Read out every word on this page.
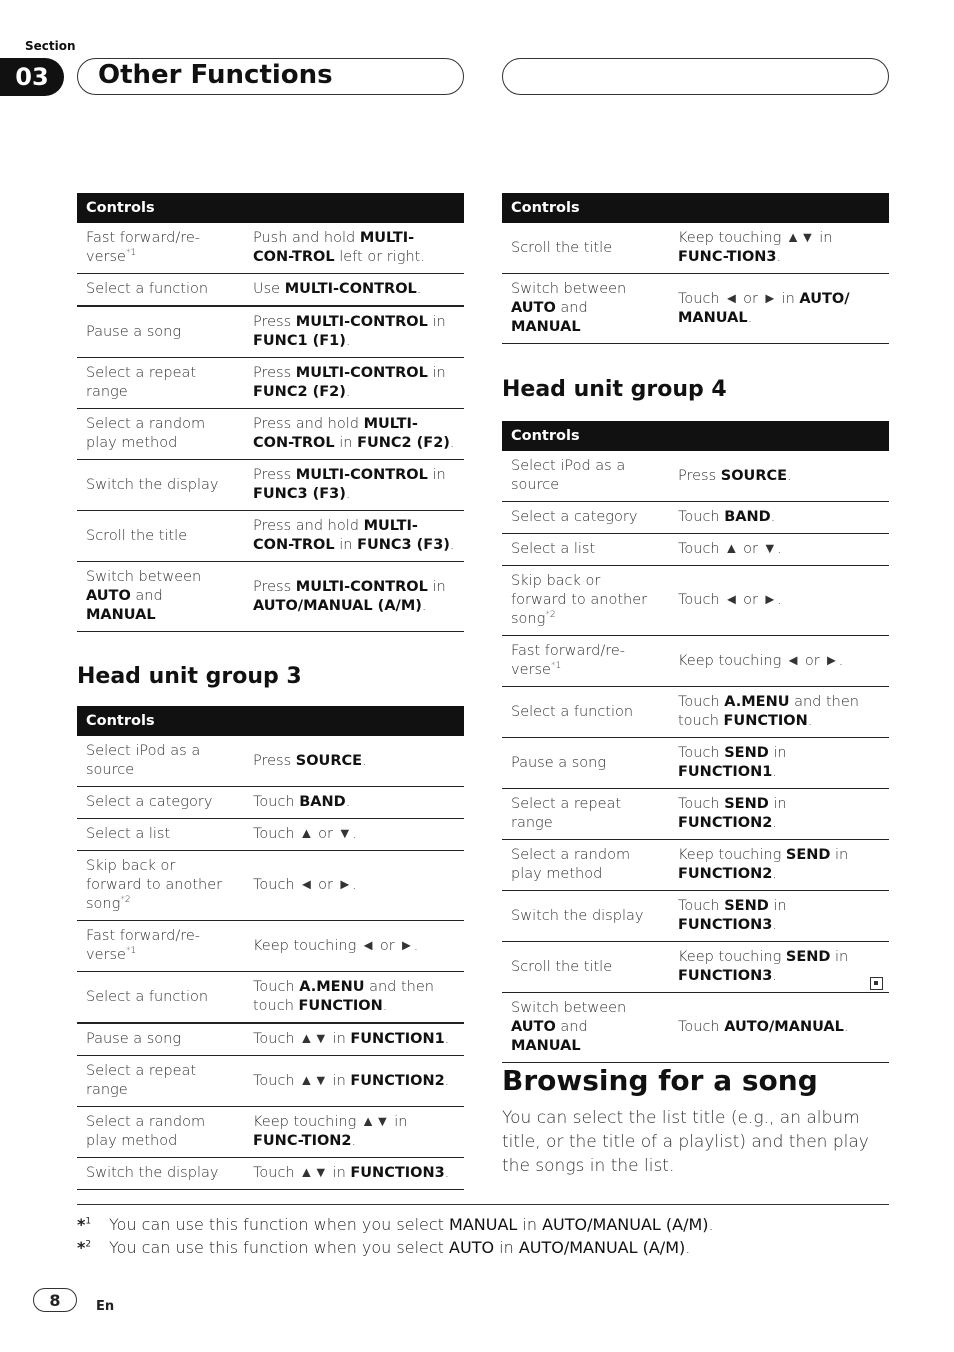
Section
03	Other Functions
Controls	
Fast forward/re-verse$^{*1}$	Push and hold MULTI-CON-TROL left or right.
Select a function	Use MULTI-CONTROL.
Pause a song	Press MULTI-CONTROL in FUNC1 (F1).
Select a repeat range	Press MULTI-CONTROL in FUNC2 (F2).
Select a random play method	Press and hold MULTI-CON-TROL in FUNC2 (F2).
Switch the display	Press MULTI-CONTROL in FUNC3 (F3).
Scroll the title	Press and hold MULTI-CON-TROL in FUNC3 (F3).
Switch between AUTO and MANUAL	Press MULTI-CONTROL in AUTO/MANUAL (A/M).
Head unit group 3
Controls	
Select iPod as a source	Press SOURCE.
Select a category	Touch BAND.
Select a list	Touch ▲ or ▼.
Skip back or forward to another song$^{*2}$	Touch ◄ or ►.
Fast forward/re-verse$^{*1}$	Keep touching ◄ or ►.
Select a function	Touch A.MENU and then touch FUNCTION.
Pause a song	Touch ▲▼ in FUNCTION1.
Select a repeat range	Touch ▲▼ in FUNCTION2.
Select a random play method	Keep touching ▲▼ in FUNC-TION2.
Switch the display	Touch ▲▼ in FUNCTION3.
Controls	
Scroll the title	Keep touching ▲▼ in FUNC-TION3.
Switch between AUTO and MANUAL	Touch ◄ or ► in AUTO/ MANUAL.
Head unit group 4
Controls	
Select iPod as a source	Press SOURCE.
Select a category	Touch BAND.
Select a list	Touch ▲ or ▼.
Skip back or forward to another song$^{*2}$	Touch ◄ or ►.
Fast forward/re-verse$^{*1}$	Keep touching ◄ or ►.
Select a function	Touch A.MENU and then touch FUNCTION.
Pause a song	Touch SEND in FUNCTION1.
Select a repeat range	Touch SEND in FUNCTION2.
Select a random play method	Keep touching SEND in FUNCTION2.
Switch the display	Touch SEND in FUNCTION3.
Scroll the title	Keep touching SEND in FUNCTION3.
Switch between AUTO and MANUAL	Touch AUTO/MANUAL.
Browsing for a song
You can select the list title (e.g., an album title, or the title of a playlist) and then play the songs in the list.
*$^1$ You can use this function when you select MANUAL in AUTO/MANUAL (A/M).
*$^2$ You can use this function when you select AUTO in AUTO/MANUAL (A/M).
8	En
